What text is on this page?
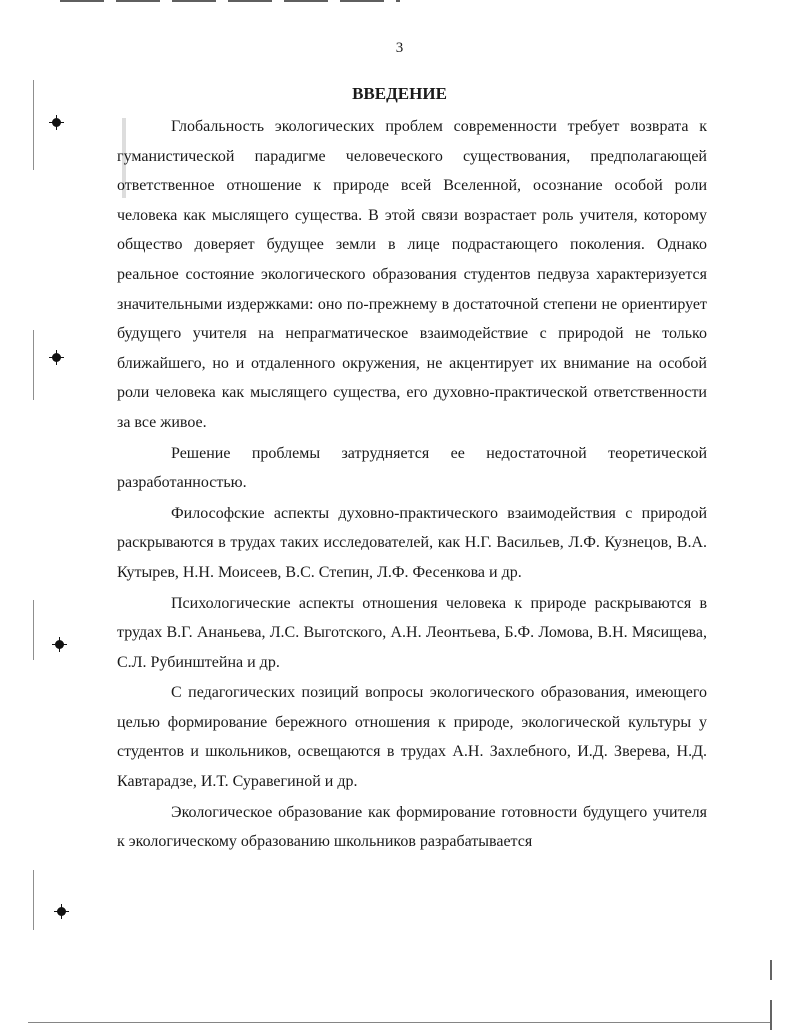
3
ВВЕДЕНИЕ

Глобальность экологических проблем современности требует возврата к гуманистической парадигме человеческого существования, предполагающей ответственное отношение к природе всей Вселенной, осознание особой роли человека как мыслящего существа. В этой связи возрастает роль учителя, которому общество доверяет будущее земли в лице подрастающего поколения. Однако реальное состояние экологического образования студентов педвуза характеризуется значительными издержками: оно по-прежнему в достаточной степени не ориентирует будущего учителя на непрагматическое взаимодействие с природой не только ближайшего, но и отдаленного окружения, не акцентирует их внимание на особой роли человека как мыслящего существа, его духовно-практической ответственности за все живое.

Решение проблемы затрудняется ее недостаточной теоретической разработанностью.

Философские аспекты духовно-практического взаимодействия с природой раскрываются в трудах таких исследователей, как Н.Г. Васильев, Л.Ф. Кузнецов, В.А. Кутырев, Н.Н. Моисеев, В.С. Степин, Л.Ф. Фесенкова и др.

Психологические аспекты отношения человека к природе раскрываются в трудах В.Г. Ананьева, Л.С. Выготского, А.Н. Леонтьева, Б.Ф. Ломова, В.Н. Мясищева, С.Л. Рубинштейна и др.

С педагогических позиций вопросы экологического образования, имеющего целью формирование бережного отношения к природе, экологической культуры у студентов и школьников, освещаются в трудах А.Н. Захлебного, И.Д. Зверева, Н.Д. Кавтарадзе, И.Т. Суравегиной и др.

Экологическое образование как формирование готовности будущего учителя к экологическому образованию школьников разрабатывается
